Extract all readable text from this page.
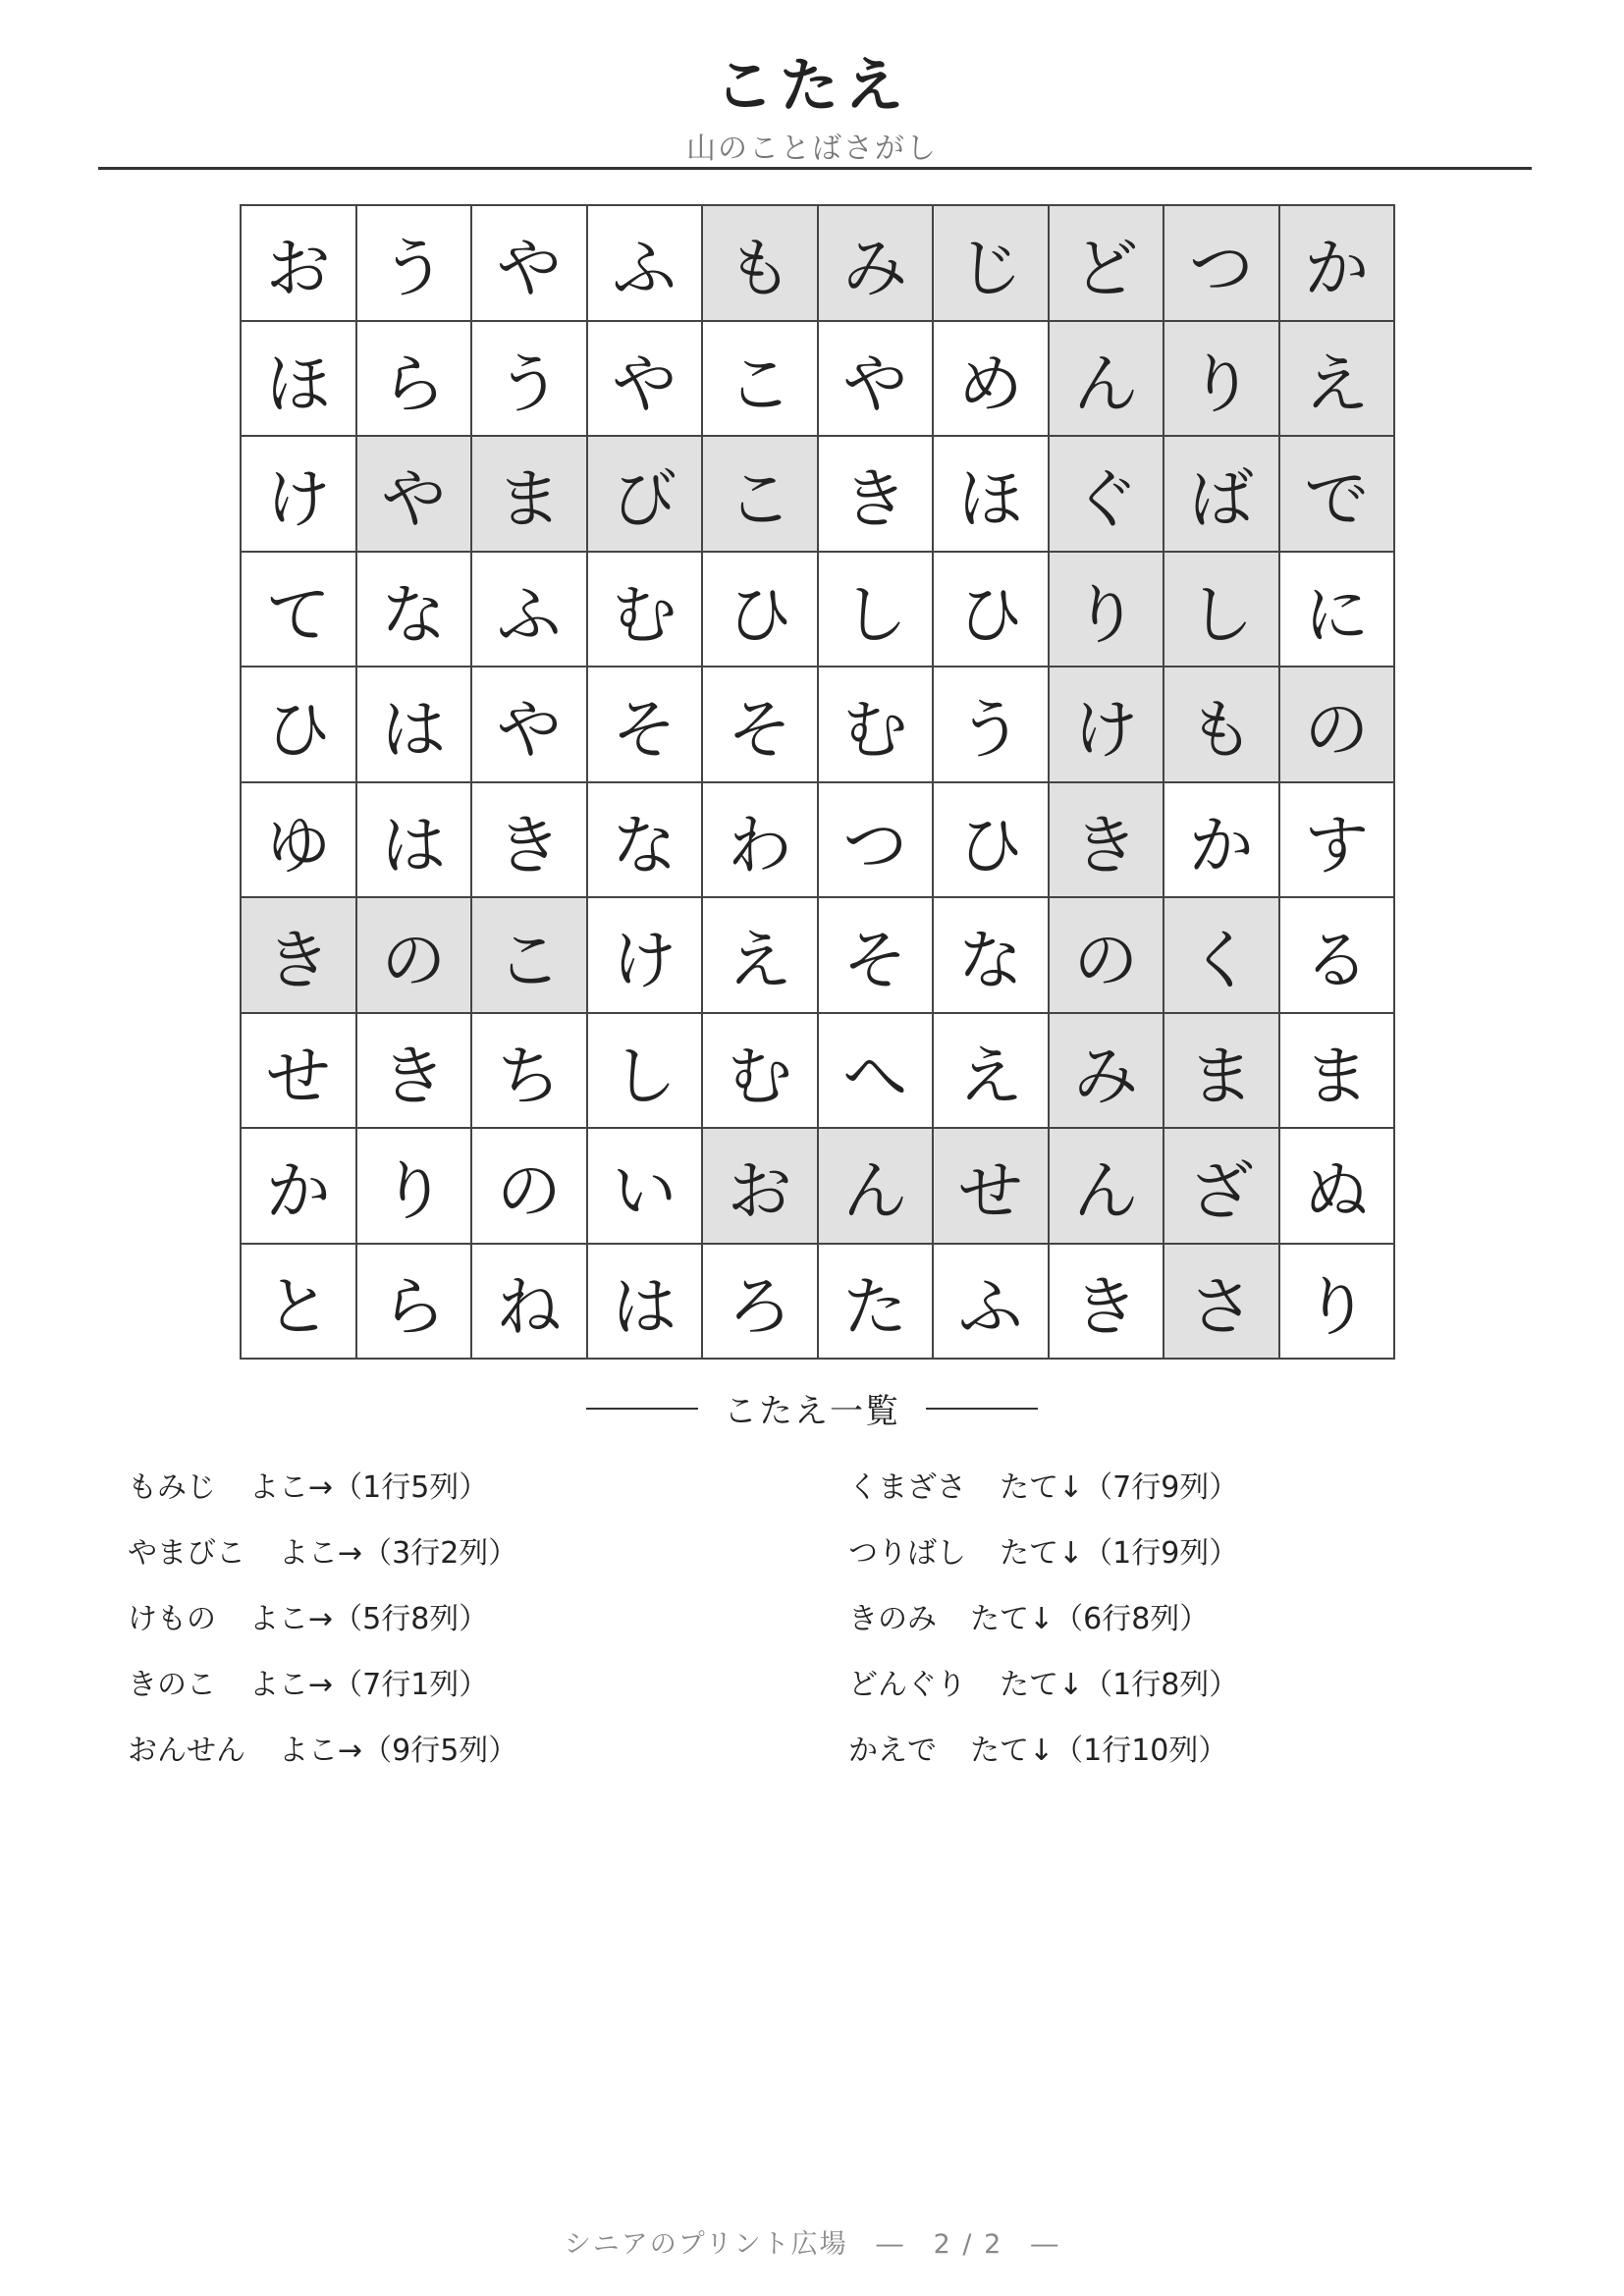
こたえ
山のことばさがし
お う や ふ も み じ ど つ か
ほ ら う や こ や め ん り え
け や ま び こ き ほ ぐ ば で
て な ふ む ひ し ひ り し に
ひ は や そ そ む う け も の
ゆ は き な わ つ ひ き か す
き の こ け え そ な の く る
せ き ち し む へ え み ま ま
か り の い お ん せ ん ざ ぬ
と ら ね は ろ た ふ き さ り
こたえ一覧
もみじ よこ→（1行5列）
やまびこ よこ→（3行2列）
けもの よこ→（5行8列）
きのこ よこ→（7行1列）
おんせん よこ→（9行5列）
くまざさ たて↓（7行9列）
つりばし たて↓（1行9列）
きのみ たて↓（6行8列）
どんぐり たて↓（1行8列）
かえで たて↓（1行10列）
シニアのプリント広場　―　2 / 2　―
